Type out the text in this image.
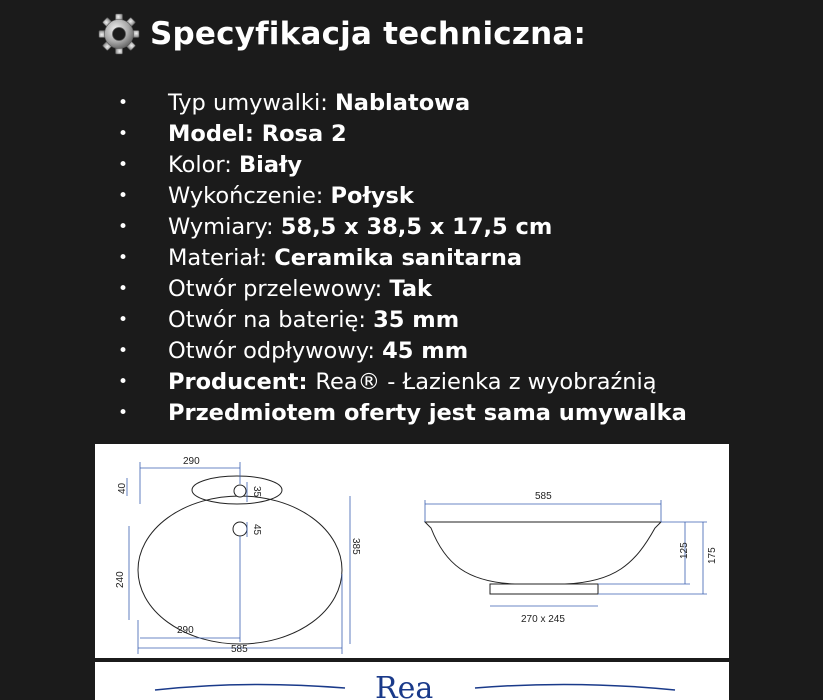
Specyfikacja techniczna:
• Typ umywalki: Nablatowa
• Model: Rosa 2
• Kolor: Biały
• Wykończenie: Połysk
• Wymiary: 58,5 x 38,5 x 17,5 cm
• Materiał: Ceramika sanitarna
• Otwór przelewowy: Tak
• Otwór na baterię: 35 mm
• Otwór odpływowy: 45 mm
• Producent: Rea® - Łazienka z wyobraźnią
• Przedmiotem oferty jest sama umywalka
290
40	35
45
385
240
290
585
585
125 175
270 x 245
Rea
